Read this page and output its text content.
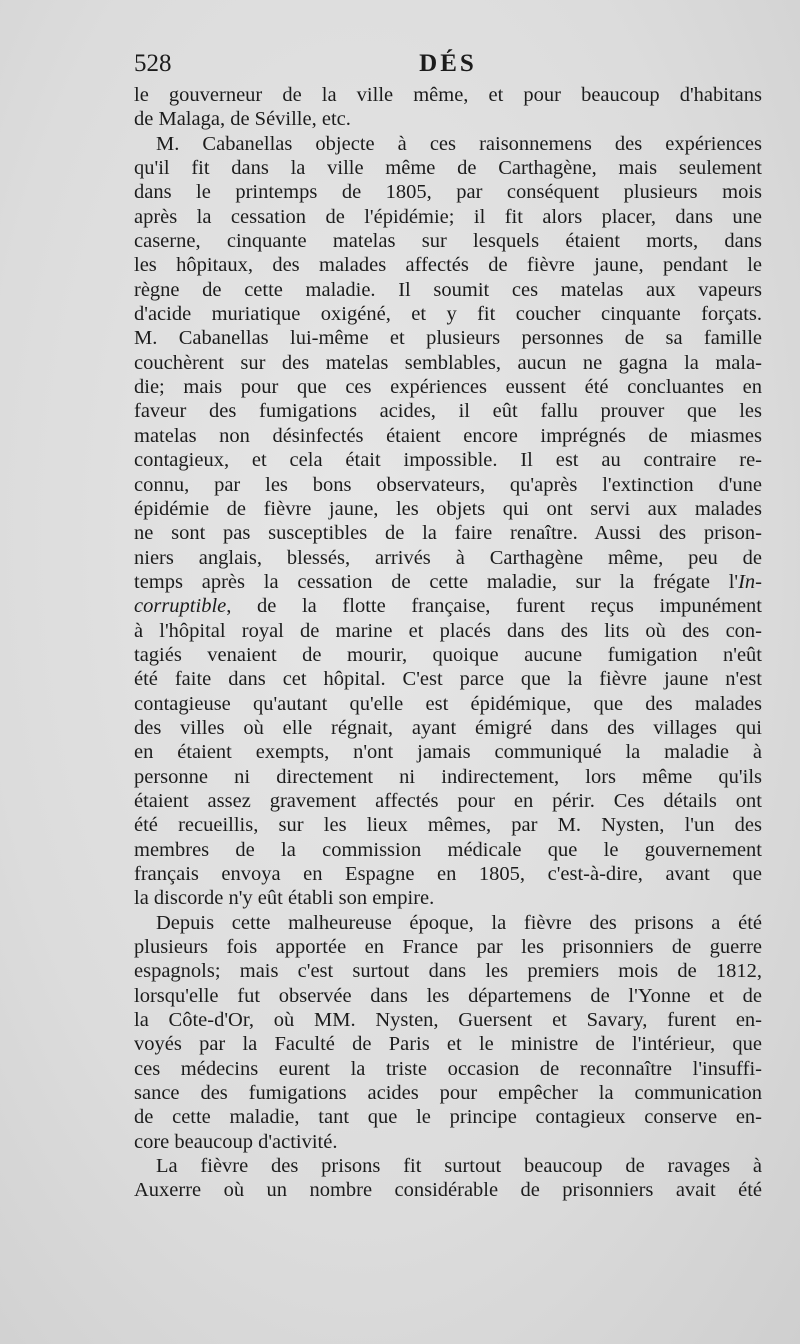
528	DÉS
le gouverneur de la ville même, et pour beaucoup d'habitans
de Malaga, de Séville, etc.
M. Cabanellas objecte à ces raisonnemens des expériences
qu'il fit dans la ville même de Carthagène, mais seulement
dans le printemps de 1805, par conséquent plusieurs mois
après la cessation de l'épidémie; il fit alors placer, dans une
caserne, cinquante matelas sur lesquels étaient morts, dans
les hôpitaux, des malades affectés de fièvre jaune, pendant le
règne de cette maladie. Il soumit ces matelas aux vapeurs
d'acide muriatique oxigéné, et y fit coucher cinquante forçats.
M. Cabanellas lui-même et plusieurs personnes de sa famille
couchèrent sur des matelas semblables, aucun ne gagna la mala-
die; mais pour que ces expériences eussent été concluantes en
faveur des fumigations acides, il eût fallu prouver que les
matelas non désinfectés étaient encore imprégnés de miasmes
contagieux, et cela était impossible. Il est au contraire re-
connu, par les bons observateurs, qu'après l'extinction d'une
épidémie de fièvre jaune, les objets qui ont servi aux malades
ne sont pas susceptibles de la faire renaître. Aussi des prison-
niers anglais, blessés, arrivés à Carthagène même, peu de
temps après la cessation de cette maladie, sur la frégate l'In-
corruptible, de la flotte française, furent reçus impunément
à l'hôpital royal de marine et placés dans des lits où des con-
tagiés venaient de mourir, quoique aucune fumigation n'eût
été faite dans cet hôpital. C'est parce que la fièvre jaune n'est
contagieuse qu'autant qu'elle est épidémique, que des malades
des villes où elle régnait, ayant émigré dans des villages qui
en étaient exempts, n'ont jamais communiqué la maladie à
personne ni directement ni indirectement, lors même qu'ils
étaient assez gravement affectés pour en périr. Ces détails ont
été recueillis, sur les lieux mêmes, par M. Nysten, l'un des
membres de la commission médicale que le gouvernement
français envoya en Espagne en 1805, c'est-à-dire, avant que
la discorde n'y eût établi son empire.
Depuis cette malheureuse époque, la fièvre des prisons a été
plusieurs fois apportée en France par les prisonniers de guerre
espagnols; mais c'est surtout dans les premiers mois de 1812,
lorsqu'elle fut observée dans les départemens de l'Yonne et de
la Côte-d'Or, où MM. Nysten, Guersent et Savary, furent en-
voyés par la Faculté de Paris et le ministre de l'intérieur, que
ces médecins eurent la triste occasion de reconnaître l'insuffi-
sance des fumigations acides pour empêcher la communication
de cette maladie, tant que le principe contagieux conserve en-
core beaucoup d'activité.
La fièvre des prisons fit surtout beaucoup de ravages à
Auxerre où un nombre considérable de prisonniers avait été
